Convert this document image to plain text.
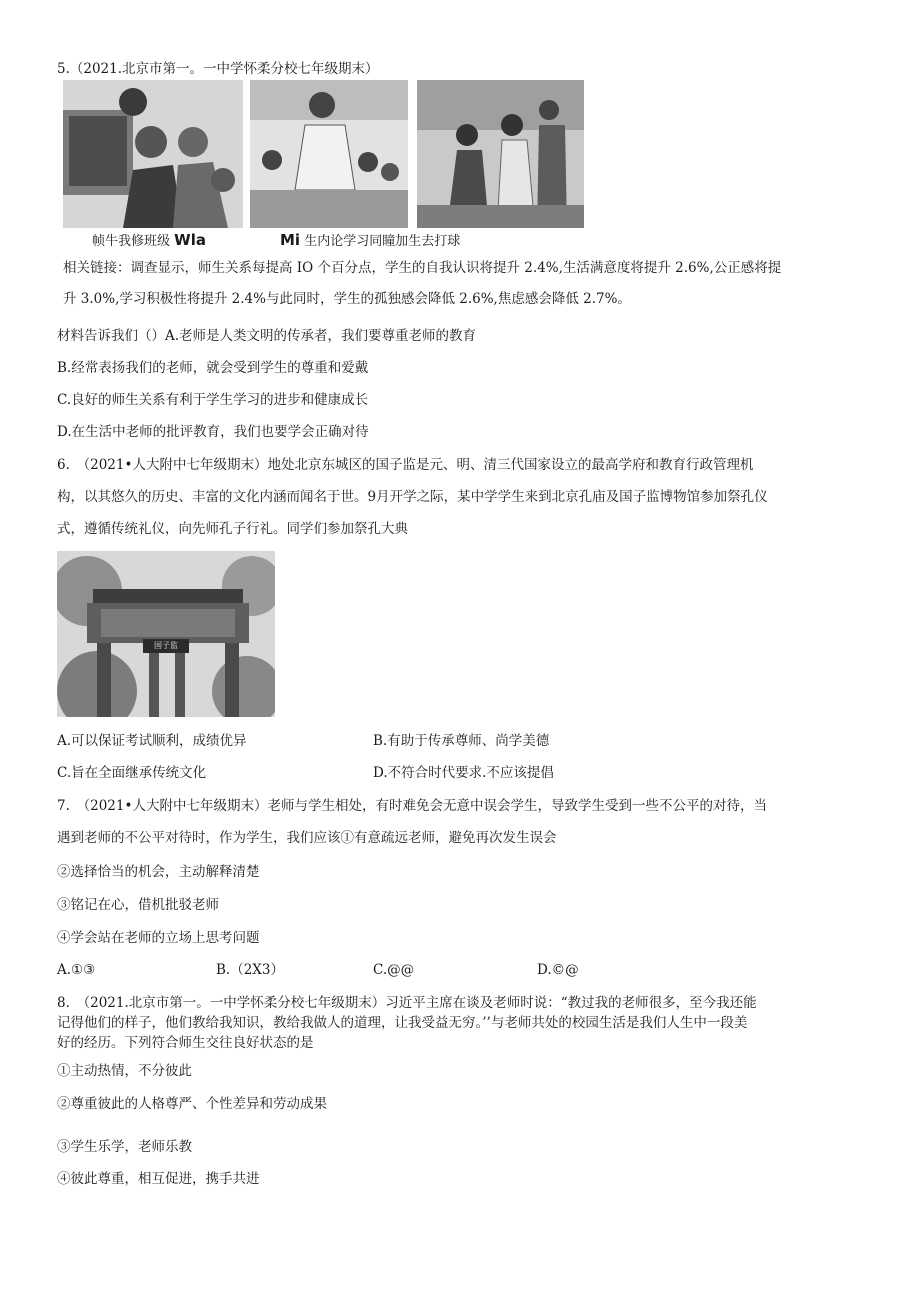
5.（2021.北京市第一。一中学怀柔分校七年级期末）
帧牛我修班级 Wla	Mi 生内论学习同瞳加生去打球
相关链接：调查显示，师生关系每提高 IO 个百分点，学生的自我认识将提升 2.4%,生活满意度将提升 2.6%,公正感将提
升 3.0%,学习积极性将提升 2.4%与此同时，学生的孤独感会降低 2.6%,焦虑感会降低 2.7%。
材料告诉我们（）A.老师是人类文明的传承者，我们要尊重老师的教育
B.经常表扬我们的老师，就会受到学生的尊重和爱戴
C.良好的师生关系有利于学生学习的进步和健康成长
D.在生活中老师的批评教育，我们也要学会正确对待
6.　（2021•人大附中七年级期末）地处北京东城区的国子监是元、明、清三代国家设立的最高学府和教育行政管理机
构，以其悠久的历史、丰富的文化内涵而闻名于世。9月开学之际，某中学学生来到北京孔庙及国子监博物馆参加祭孔仪
式，遵循传统礼仪，向先师孔子行礼。同学们参加祭孔大典
国子监
A.可以保证考试顺利，成绩优异	B.有助于传承尊师、尚学美德
C.旨在全面继承传统文化	D.不符合时代要求.不应该提倡
7.　（2021•人大附中七年级期末）老师与学生相处，有时难免会无意中误会学生，导致学生受到一些不公平的对待，当
遇到老师的不公平对待时，作为学生，我们应该①有意疏远老师，避免再次发生误会
②选择恰当的机会，主动解释清楚
③铭记在心，借机批驳老师
④学会站在老师的立场上思考问题
A.①③	B.（2X3）	C.@@	D.©@
8.　（2021.北京市第一。一中学怀柔分校七年级期末）习近平主席在谈及老师时说：“教过我的老师很多，至今我还能
记得他们的样子，他们教给我知识，教给我做人的道理，让我受益无穷。’’与老师共处的校园生活是我们人生中一段美
好的经历。下列符合师生交往良好状态的是
①主动热情，不分彼此
②尊重彼此的人格尊严、个性差异和劳动成果
③学生乐学，老师乐教
④彼此尊重，相互促进，携手共进
